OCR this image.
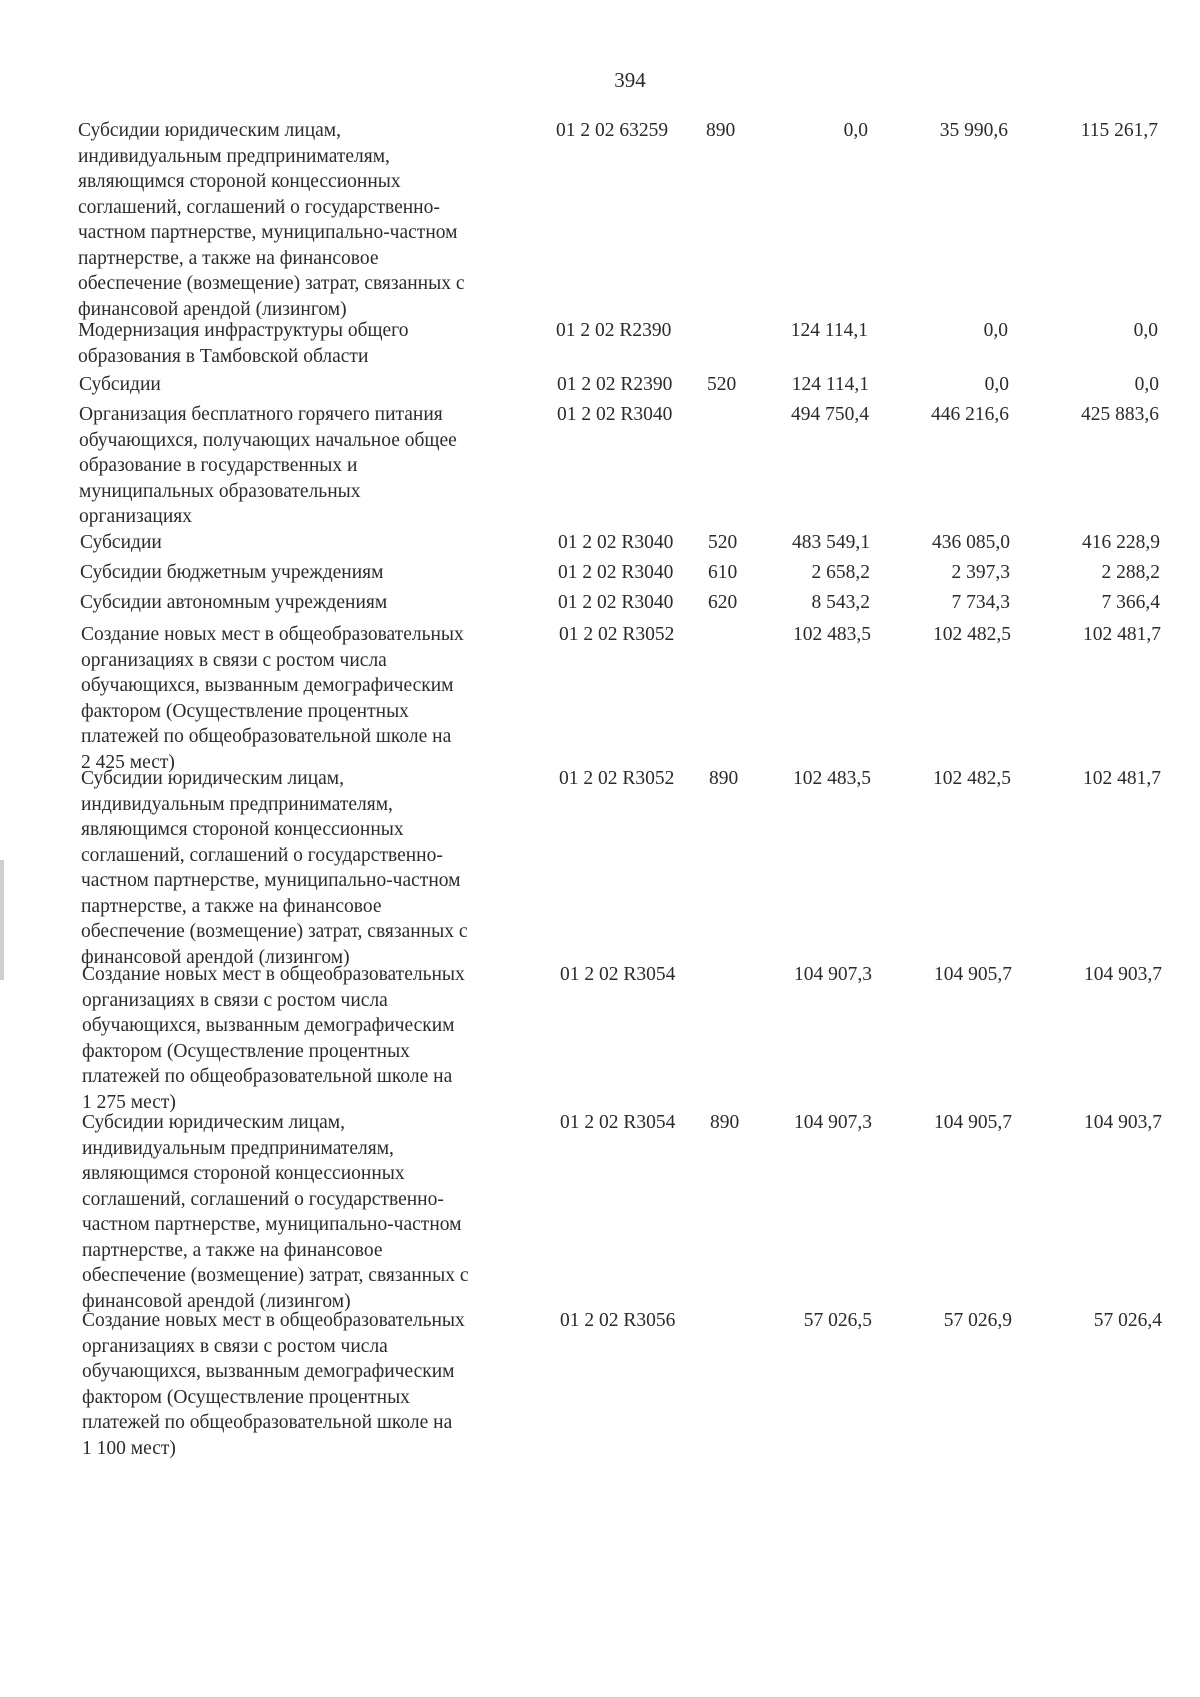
394
Субсидии юридическим лицам,
индивидуальным предпринимателям,
являющимся стороной концессионных
соглашений, соглашений о государственно-
частном партнерстве, муниципально-частном
партнерстве, а также на финансовое
обеспечение (возмещение) затрат, связанных с
финансовой арендой (лизингом)
01 2 02 63259 890	0,0	35 990,6	115 261,7
Модернизация инфраструктуры общего
образования в Тамбовской области
01 2 02 R2390	124 114,1	0,0	0,0
Субсидии	01 2 02 R2390 520	124 114,1	0,0	0,0
Организация бесплатного горячего питания
обучающихся, получающих начальное общее
образование в государственных и
муниципальных образовательных
организациях
01 2 02 R3040	494 750,4	446 216,6	425 883,6
Субсидии	01 2 02 R3040 520	483 549,1	436 085,0	416 228,9
Субсидии бюджетным учреждениям	01 2 02 R3040 610	2 658,2	2 397,3	2 288,2
Субсидии автономным учреждениям	01 2 02 R3040 620	8 543,2	7 734,3	7 366,4
Создание новых мест в общеобразовательных
организациях в связи с ростом числа
обучающихся, вызванным демографическим
фактором (Осуществление процентных
платежей по общеобразовательной школе на
2 425 мест)
01 2 02 R3052	102 483,5	102 482,5	102 481,7
Субсидии юридическим лицам,
индивидуальным предпринимателям,
являющимся стороной концессионных
соглашений, соглашений о государственно-
частном партнерстве, муниципально-частном
партнерстве, а также на финансовое
обеспечение (возмещение) затрат, связанных с
финансовой арендой (лизингом)
01 2 02 R3052 890	102 483,5	102 482,5	102 481,7
Создание новых мест в общеобразовательных
организациях в связи с ростом числа
обучающихся, вызванным демографическим
фактором (Осуществление процентных
платежей по общеобразовательной школе на
1 275 мест)
01 2 02 R3054	104 907,3	104 905,7	104 903,7
Субсидии юридическим лицам,
индивидуальным предпринимателям,
являющимся стороной концессионных
соглашений, соглашений о государственно-
частном партнерстве, муниципально-частном
партнерстве, а также на финансовое
обеспечение (возмещение) затрат, связанных с
финансовой арендой (лизингом)
01 2 02 R3054 890	104 907,3	104 905,7	104 903,7
Создание новых мест в общеобразовательных
организациях в связи с ростом числа
обучающихся, вызванным демографическим
фактором (Осуществление процентных
платежей по общеобразовательной школе на
1 100 мест)
01 2 02 R3056	57 026,5	57 026,9	57 026,4
